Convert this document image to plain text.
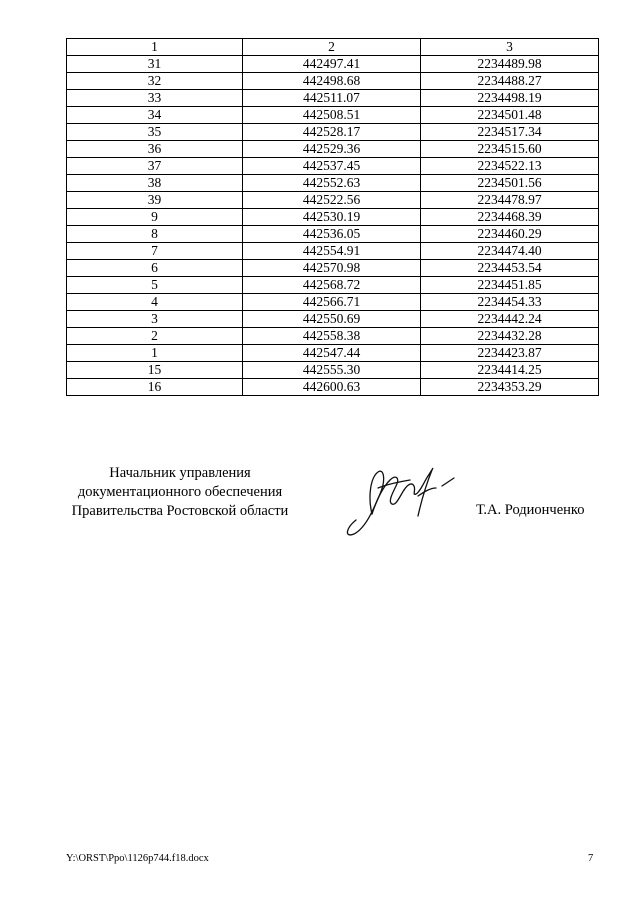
1	2	3
31	442497.41	2234489.98
32	442498.68	2234488.27
33	442511.07	2234498.19
34	442508.51	2234501.48
35	442528.17	2234517.34
36	442529.36	2234515.60
37	442537.45	2234522.13
38	442552.63	2234501.56
39	442522.56	2234478.97
9	442530.19	2234468.39
8	442536.05	2234460.29
7	442554.91	2234474.40
6	442570.98	2234453.54
5	442568.72	2234451.85
4	442566.71	2234454.33
3	442550.69	2234442.24
2	442558.38	2234432.28
1	442547.44	2234423.87
15	442555.30	2234414.25
16	442600.63	2234353.29
Начальник управления
документационного обеспечения
Правительства Ростовской области	Т.А. Родионченко
Y:\ORST\Ppo\1126p744.f18.docx	7
